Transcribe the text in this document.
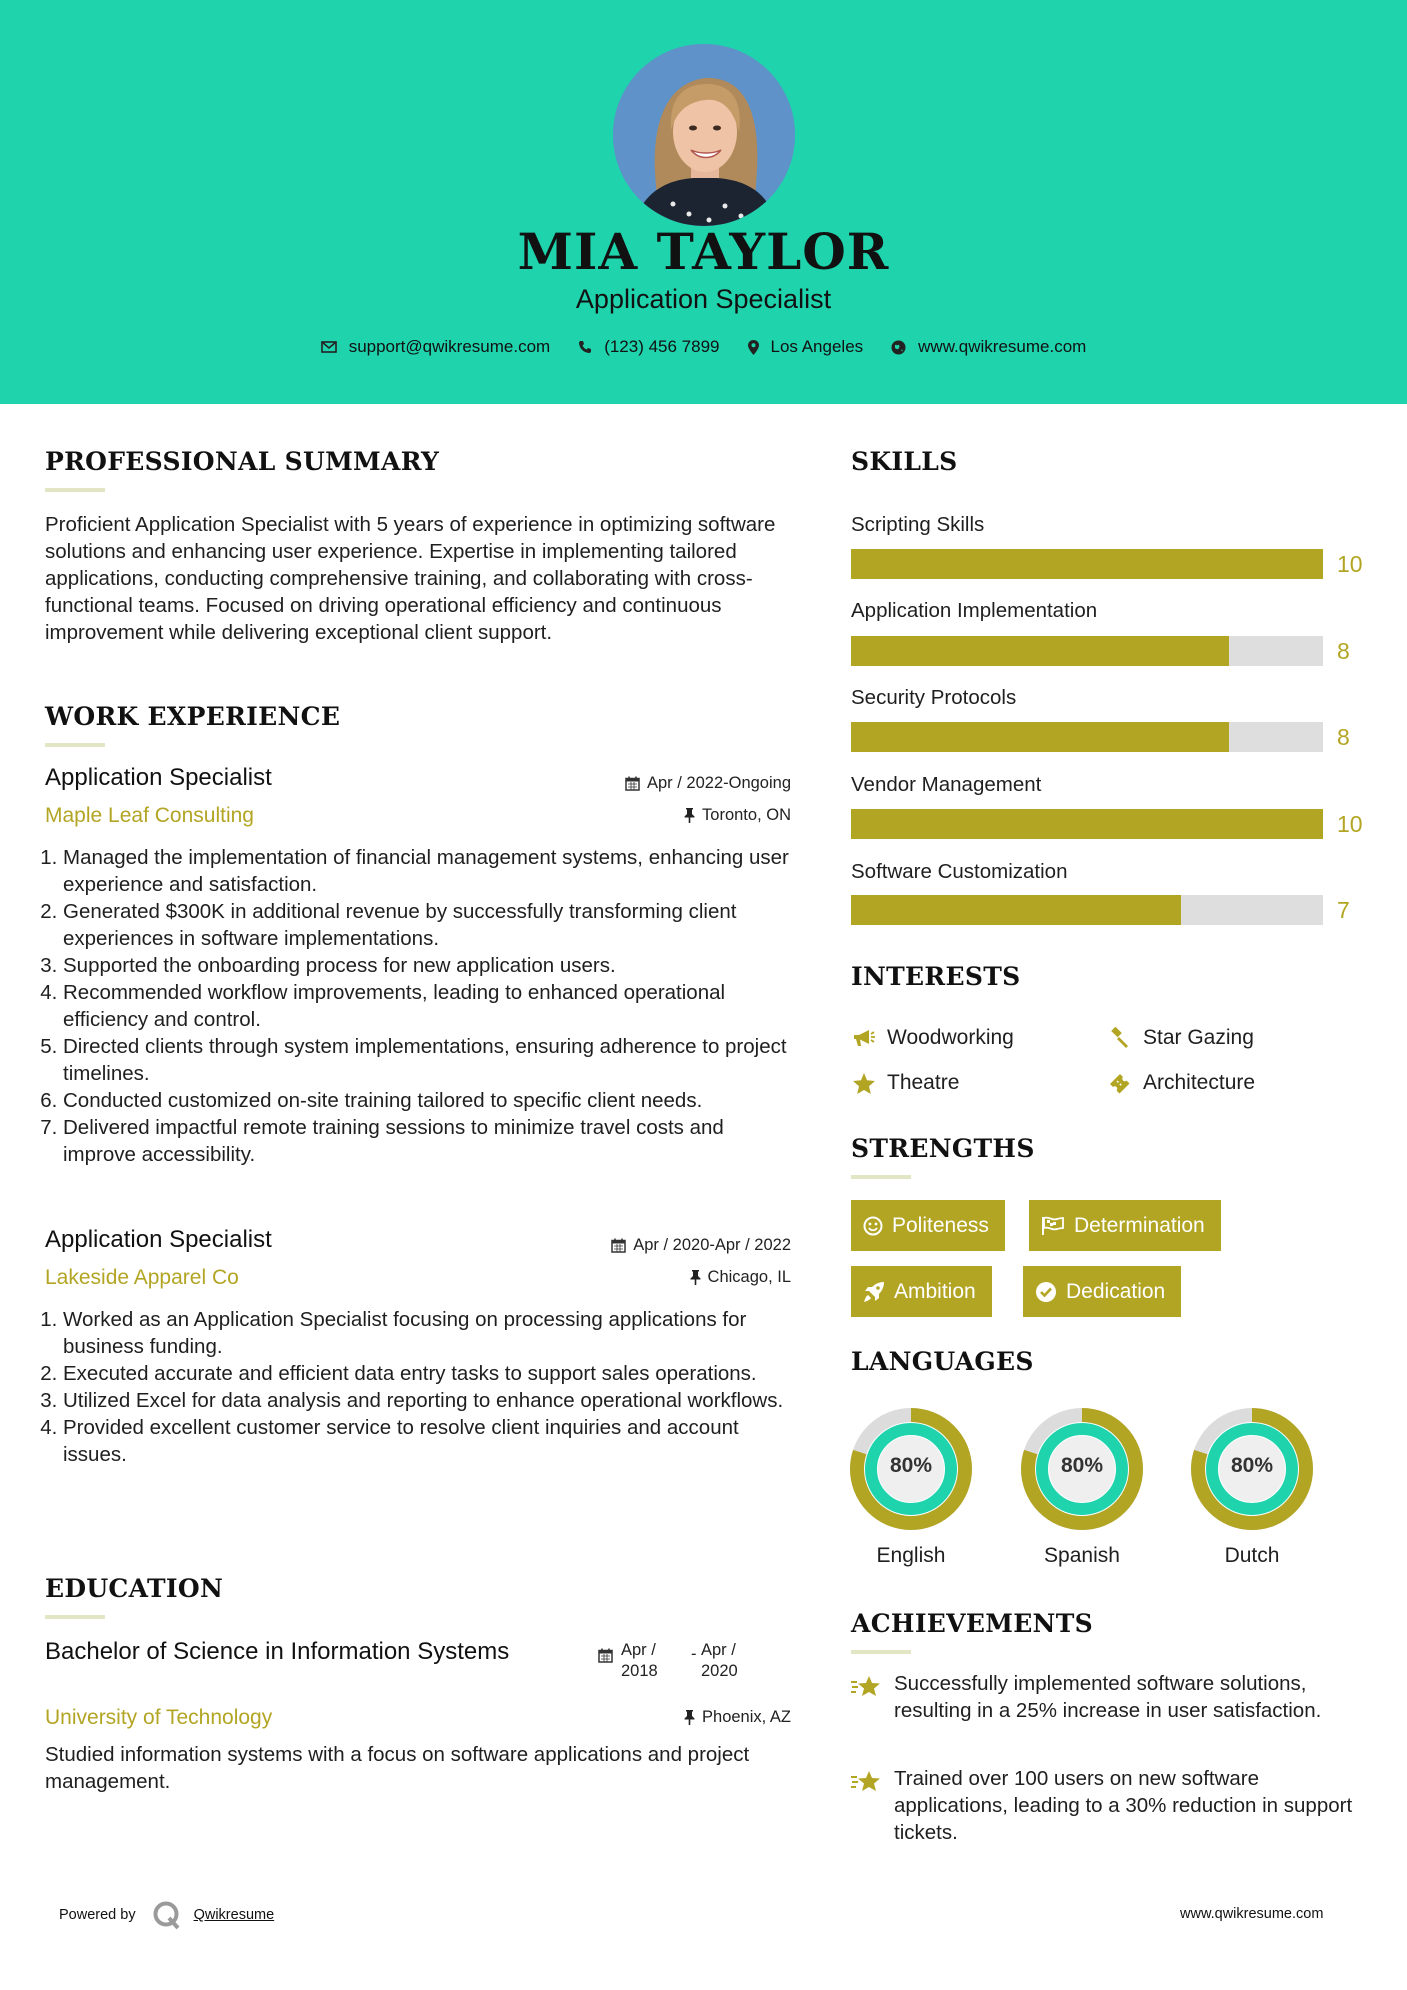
MIA TAYLOR
Application Specialist
support@qwikresume.com	(123) 456 7899	Los Angeles	www.qwikresume.com
PROFESSIONAL SUMMARY
Proficient Application Specialist with 5 years of experience in optimizing software solutions and enhancing user experience. Expertise in implementing tailored applications, conducting comprehensive training, and collaborating with cross-functional teams. Focused on driving operational efficiency and continuous improvement while delivering exceptional client support.
WORK EXPERIENCE
Application Specialist
Maple Leaf Consulting
Apr / 2022-Ongoing
Toronto, ON
1. Managed the implementation of financial management systems, enhancing user experience and satisfaction.
2. Generated $300K in additional revenue by successfully transforming client experiences in software implementations.
3. Supported the onboarding process for new application users.
4. Recommended workflow improvements, leading to enhanced operational efficiency and control.
5. Directed clients through system implementations, ensuring adherence to project timelines.
6. Conducted customized on-site training tailored to specific client needs.
7. Delivered impactful remote training sessions to minimize travel costs and improve accessibility.
Application Specialist
Lakeside Apparel Co
Apr / 2020-Apr / 2022
Chicago, IL
1. Worked as an Application Specialist focusing on processing applications for business funding.
2. Executed accurate and efficient data entry tasks to support sales operations.
3. Utilized Excel for data analysis and reporting to enhance operational workflows.
4. Provided excellent customer service to resolve client inquiries and account issues.
EDUCATION
Bachelor of Science in Information Systems
University of Technology
Apr /
2018
- Apr /
2020
Phoenix, AZ
Studied information systems with a focus on software applications and project management.
SKILLS
Scripting Skills
10
Application Implementation
8
Security Protocols
8
Vendor Management
10
Software Customization
7
INTERESTS
Woodworking	Star Gazing
Theatre	Architecture
STRENGTHS
Politeness	Determination
Ambition	Dedication
LANGUAGES
80%
English
80%
Spanish
80%
Dutch
ACHIEVEMENTS
Successfully implemented software solutions, resulting in a 25% increase in user satisfaction.
Trained over 100 users on new software applications, leading to a 30% reduction in support tickets.
Powered by	Qwikresume	www.qwikresume.com
